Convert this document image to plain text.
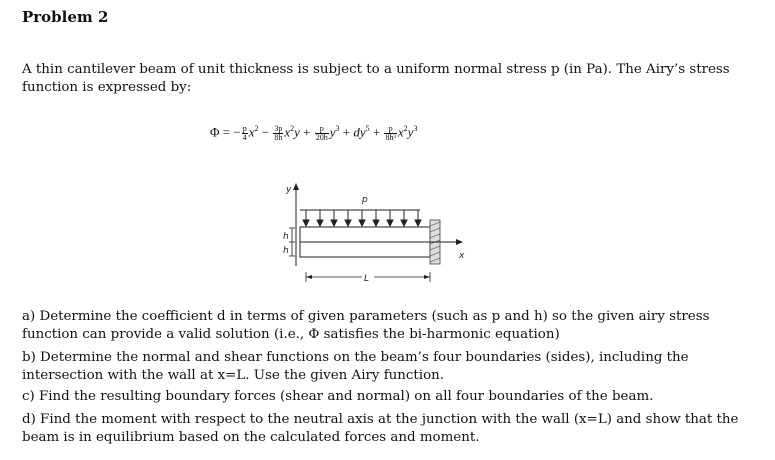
Problem 2
A thin cantilever beam of unit thickness is subject to a uniform normal stress p (in Pa). The Airy’s stress function is expressed by:
Φ = − $\frac{p}{4} x^2 - \frac{3p}{8h} x^2y + \frac{p}{20h} y^3 + dy^5 + \frac{p}{\text{8h³}} x^2y^3$
y
p
x
h
h
L
a) Determine the coefficient d in terms of given parameters (such as p and h) so the given airy stress function can provide a valid solution (i.e., Φ satisfies the bi-harmonic equation)
b) Determine the normal and shear functions on the beam’s four boundaries (sides), including the intersection with the wall at x=L. Use the given Airy function.
c) Find the resulting boundary forces (shear and normal) on all four boundaries of the beam.
d) Find the moment with respect to the neutral axis at the junction with the wall (x=L) and show that the beam is in equilibrium based on the calculated forces and moment.
